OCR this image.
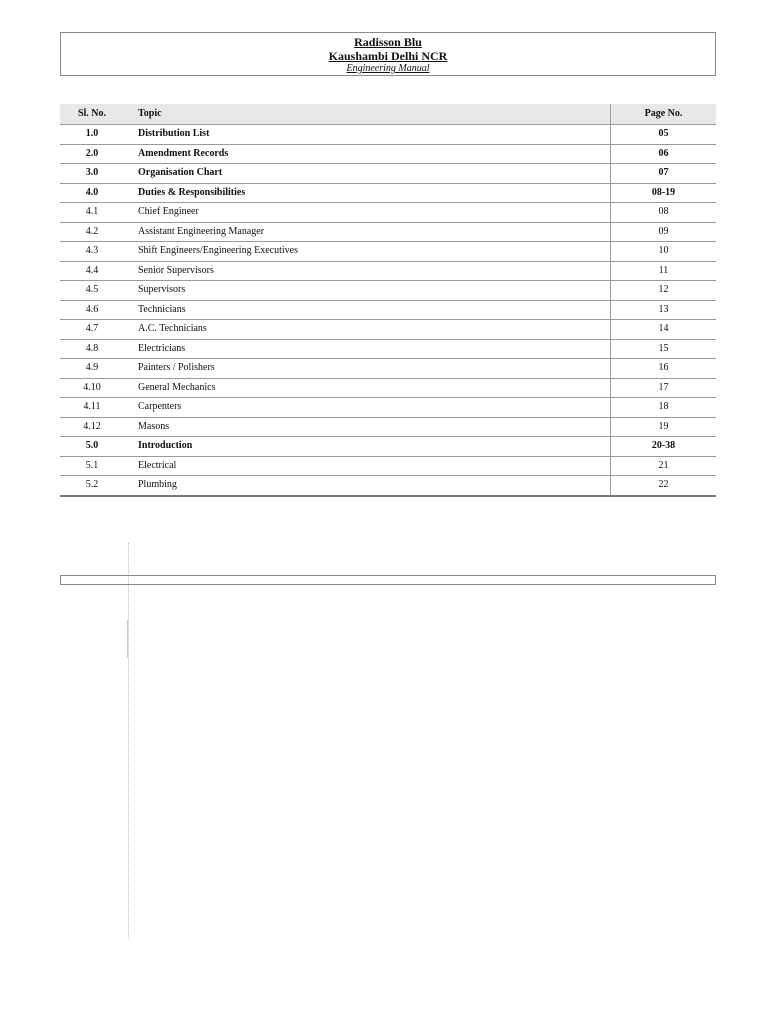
Radisson Blu
Kaushambi Delhi NCR
Engineering Manual
Sl. No.	Topic	Page No.
1.0	Distribution List	05
2.0	Amendment Records	06
3.0	Organisation Chart	07
4.0	Duties & Responsibilities	08-19
4.1	Chief Engineer	08
4.2	Assistant Engineering Manager	09
4.3	Shift Engineers/Engineering Executives	10
4.4	Senior Supervisors	11
4.5	Supervisors	12
4.6	Technicians	13
4.7	A.C. Technicians	14
4.8	Electricians	15
4.9	Painters / Polishers	16
4.10	General Mechanics	17
4.11	Carpenters	18
4.12	Masons	19
5.0	Introduction	20-38
5.1	Electrical	21
5.2	Plumbing	22
